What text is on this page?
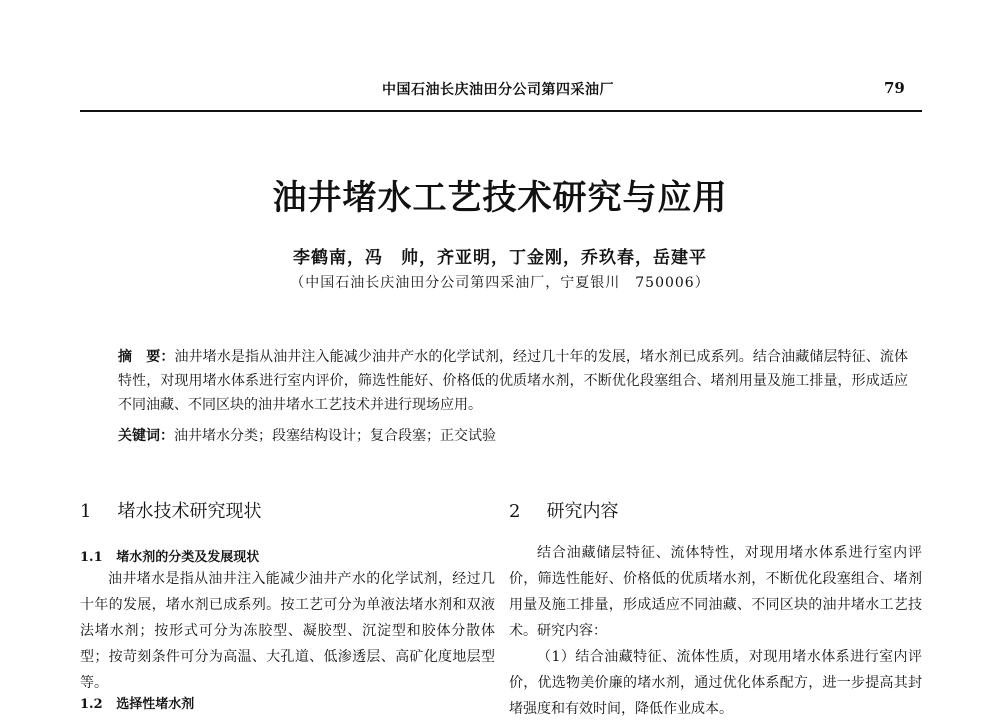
中国石油长庆油田分公司第四采油厂	79
油井堵水工艺技术研究与应用
李鹤南，冯　帅，齐亚明，丁金刚，乔玖春，岳建平
（中国石油长庆油田分公司第四采油厂，宁夏银川　750006）
摘　要：油井堵水是指从油井注入能减少油井产水的化学试剂，经过几十年的发展，堵水剂已成系列。结合油藏储层特征、流体特性，对现用堵水体系进行室内评价，筛选性能好、价格低的优质堵水剂，不断优化段塞组合、堵剂用量及施工排量，形成适应不同油藏、不同区块的油井堵水工艺技术并进行现场应用。
关键词：油井堵水分类；段塞结构设计；复合段塞；正交试验
1 堵水技术研究现状
1.1 堵水剂的分类及发展现状
油井堵水是指从油井注入能减少油井产水的化学试剂，经过几十年的发展，堵水剂已成系列。按工艺可分为单液法堵水剂和双液法堵水剂；按形式可分为冻胶型、凝胶型、沉淀型和胶体分散体型；按苛刻条件可分为高温、大孔道、低渗透层、高矿化度地层型等。
1.2 选择性堵水剂
2 研究内容
结合油藏储层特征、流体特性，对现用堵水体系进行室内评价，筛选性能好、价格低的优质堵水剂，不断优化段塞组合、堵剂用量及施工排量，形成适应不同油藏、不同区块的油井堵水工艺技术。研究内容：
（1）结合油藏特征、流体性质，对现用堵水体系进行室内评价，优选物美价廉的堵水剂，通过优化体系配方，进一步提高其封堵强度和有效时间，降低作业成本。
